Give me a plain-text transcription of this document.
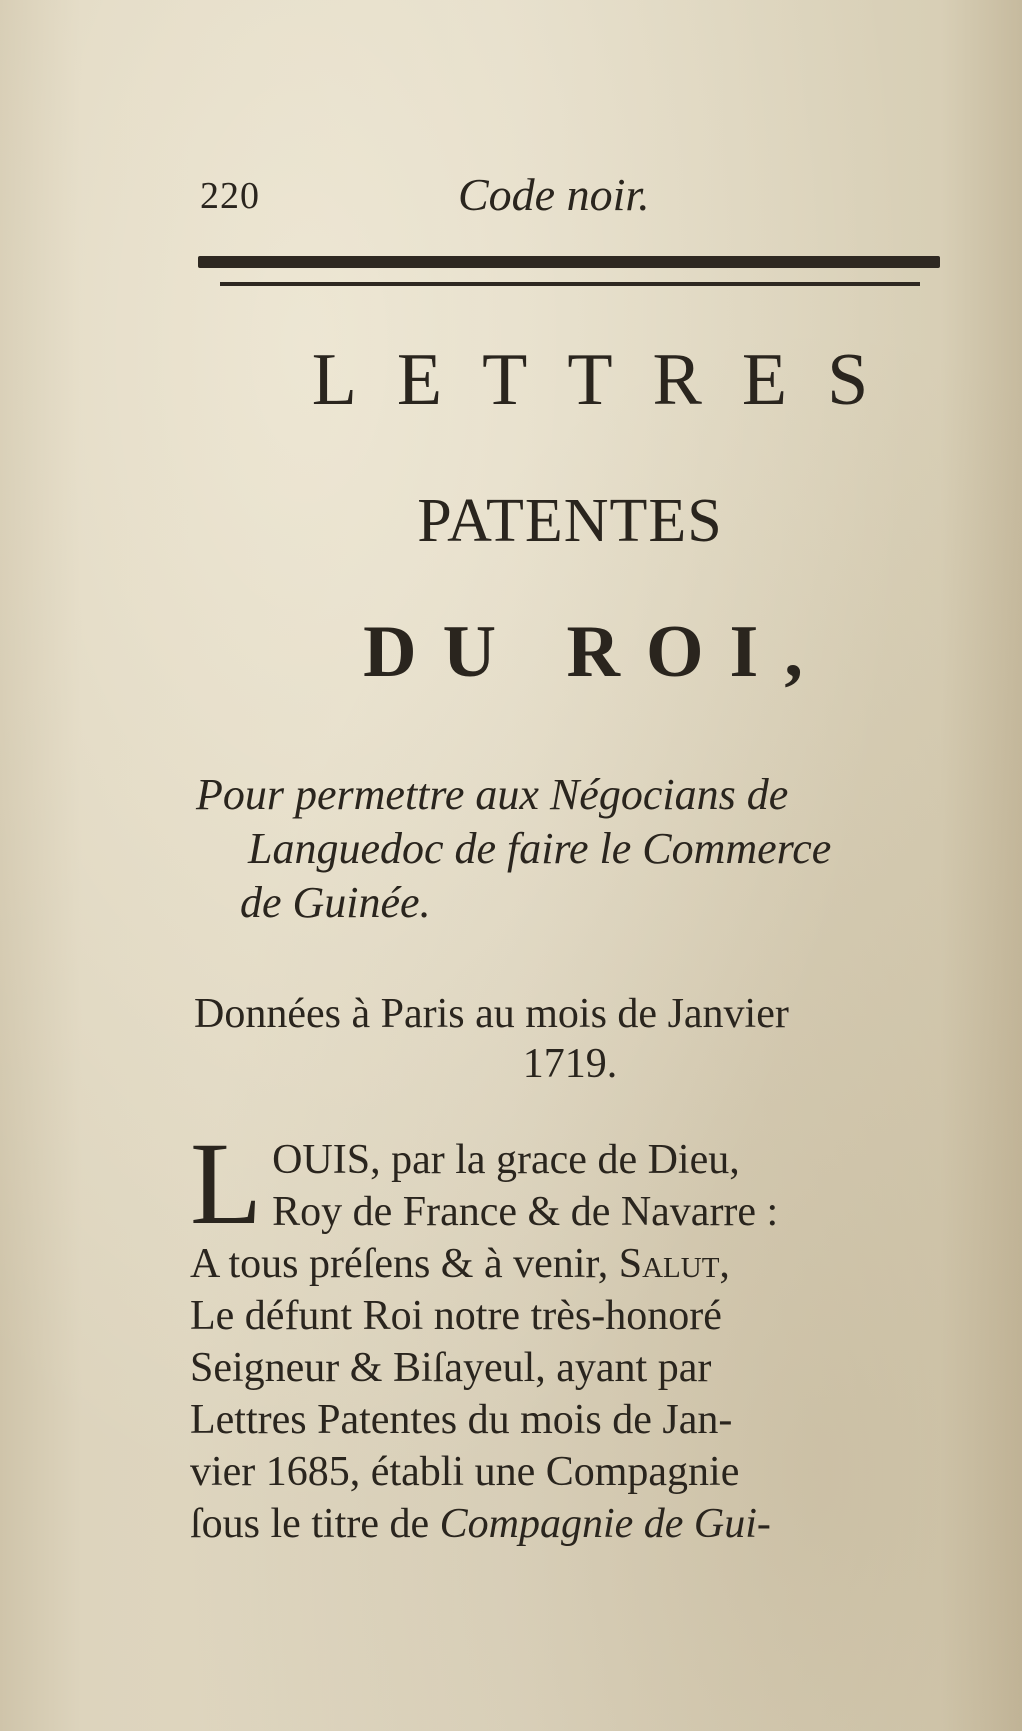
220	Code noir.
LETTRES
PATENTES
DU ROI,
Pour permettre aux Négocians de
Languedoc de faire le Commerce
de Guinée.
Données à Paris au mois de Janvier
1719.
L OUIS, par la grace de Dieu,
Roy de France & de Navarre :
A tous préſens & à venir, Salut,
Le défunt Roi notre très-honoré
Seigneur & Biſayeul, ayant par
Lettres Patentes du mois de Jan-
vier 1685, établi une Compagnie
ſous le titre de Compagnie de Gui-
